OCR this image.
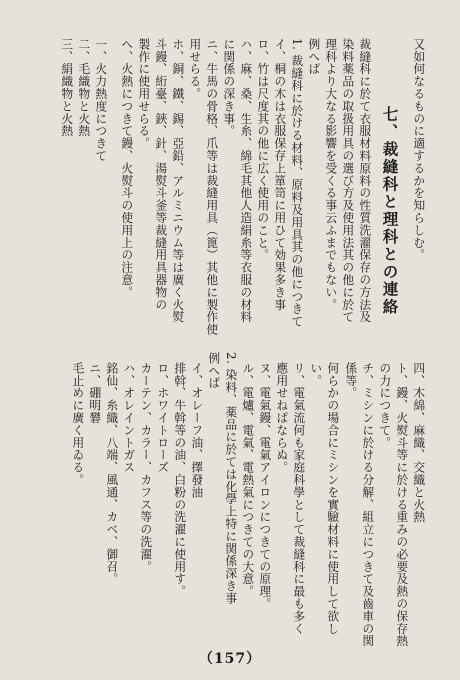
又如何なるものに適するかを知らしむ。
七、裁縫科と理科との連絡
裁縫科に於て衣服材料原料の性質洗濯保存の方法及
染料薬品の取扱用具の選び方及使用法其の他に於て
理科より大なる影響を受くる事云ふまでもない。
例へば
1. 裁縫科に於ける材料、原料及用具其の他につきて
イ、桐の木は衣服保存上箪笥に用ひて効果多き事
ロ、竹は尺度其の他に広く使用のこと。
ハ、麻、桑、生糸、綿毛其他人造絹糸等衣服の材料
に関係の深き事。
ニ、牛馬の骨格、爪等は裁縫用具（篦）其他に製作使
用せらる。
ホ、銅、鐵、錫、亞鉛、アルミニウム等は廣く火熨
斗鏝、絎臺、鋏、針、湯熨斗釜等裁縫用具器物の
製作に使用せらる。
へ、火熱につきて鏝、火熨斗の使用上の注意。
一、火力熱度につきて
二、毛織物と火熱
三、絹織物と火熱
四、木綿、麻織、交織と火熱
ト、鏝、火熨斗等に於ける重みの必要及熱の保存熱
の力につきて。
チ、ミシンに於ける分解、組立につきて及齒車の関
係等。
何らかの場合にミシンを實驗材料に使用して欲し
い。
リ、電氣流何も家庭科學として裁縫科に最も多く
應用せねばならぬ。
ヌ、電氣鏝、電氣アイロンにつきての原理。
ル、電爐、電氣、電熱氣につきての大意。
2. 染料、薬品に於ては化學上特に関係深き事
例へば
イ、オレーフ油、擇發油
排斡、牛斡等の油、白粉の洗濯に使用す。
ロ、ホワイトローズ
カーテン、カラー、カフス等の洗濯。
ハ、オレイントガス
銘仙、糸織、八端、風通、カベ、御召。
ニ、硼明礬
毛止めに廣く用ゐる。
（157）
